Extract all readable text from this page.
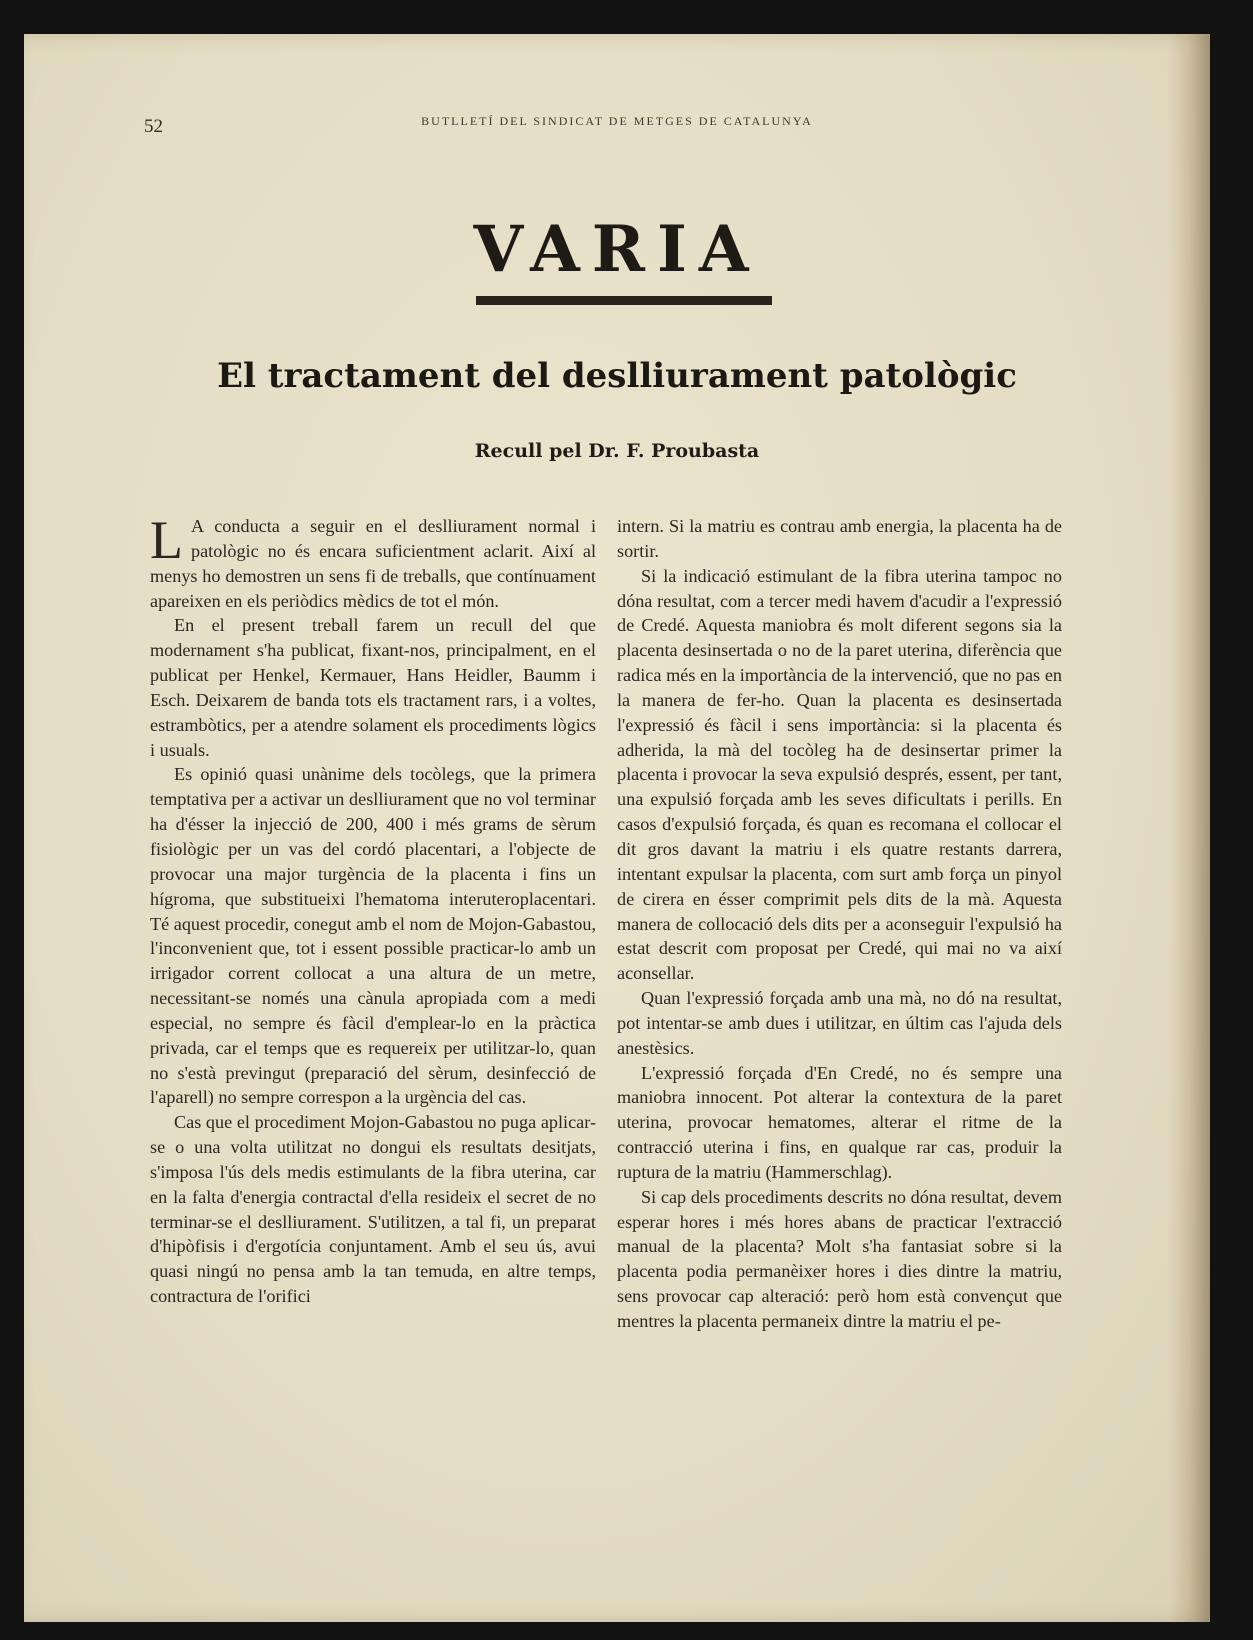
52	BUTLLETÍ DEL SINDICAT DE METGES DE CATALUNYA
VARIA
El tractament del deslliurament patològic
Recull pel Dr. F. Proubasta

L A conducta a seguir en el deslliurament normal i patològic no és encara suficientment aclarit. Així al menys ho demostren un sens fi de treballs, que contínuament apareixen en els periòdics mèdics de tot el món.

En el present treball farem un recull del que modernament s'ha publicat, fixant-nos, principalment, en el publicat per Henkel, Kermauer, Hans Heidler, Baumm i Esch. Deixarem de banda tots els tractament rars, i a voltes, estrambòtics, per a atendre solament els procediments lògics i usuals.

Es opinió quasi unànime dels tocòlegs, que la primera temptativa per a activar un deslliurament que no vol terminar ha d'ésser la injecció de 200, 400 i més grams de sèrum fisiològic per un vas del cordó placentari, a l'objecte de provocar una major turgència de la placenta i fins un hígroma, que substitueixi l'hematoma interuteroplacentari. Té aquest procedir, conegut amb el nom de Mojon-Gabastou, l'inconvenient que, tot i essent possible practicar-lo amb un irrigador corrent collocat a una altura de un metre, necessitant-se només una cànula apropiada com a medi especial, no sempre és fàcil d'emplear-lo en la pràctica privada, car el temps que es requereix per utilitzar-lo, quan no s'està previngut (preparació del sèrum, desinfecció de l'aparell) no sempre correspon a la urgència del cas.

Cas que el procediment Mojon-Gabastou no puga aplicar-se o una volta utilitzat no dongui els resultats desitjats, s'imposa l'ús dels medis estimulants de la fibra uterina, car en la falta d'energia contractal d'ella resideix el secret de no terminar-se el deslliurament. S'utilitzen, a tal fi, un preparat d'hipòfisis i d'ergotícia conjuntament. Amb el seu ús, avui quasi ningú no pensa amb la tan temuda, en altre temps, contractura de l'orifici

intern. Si la matriu es contrau amb energia, la placenta ha de sortir.

Si la indicació estimulant de la fibra uterina tampoc no dóna resultat, com a tercer medi havem d'acudir a l'expressió de Credé. Aquesta maniobra és molt diferent segons sia la placenta desinsertada o no de la paret uterina, diferència que radica més en la importància de la intervenció, que no pas en la manera de fer-ho. Quan la placenta es desinsertada l'expressió és fàcil i sens importància: si la placenta és adherida, la mà del tocòleg ha de desinsertar primer la placenta i provocar la seva expulsió després, essent, per tant, una expulsió forçada amb les seves dificultats i perills. En casos d'expulsió forçada, és quan es recomana el collocar el dit gros davant la matriu i els quatre restants darrera, intentant expulsar la placenta, com surt amb força un pinyol de cirera en ésser comprimit pels dits de la mà. Aquesta manera de collocació dels dits per a aconseguir l'expulsió ha estat descrit com proposat per Credé, qui mai no va així aconsellar.

Quan l'expressió forçada amb una mà, no dó na resultat, pot intentar-se amb dues i utilitzar, en últim cas l'ajuda dels anestèsics.

L'expressió forçada d'En Credé, no és sempre una maniobra innocent. Pot alterar la contextura de la paret uterina, provocar hematomes, alterar el ritme de la contracció uterina i fins, en qualque rar cas, produir la ruptura de la matriu (Hammerschlag).

Si cap dels procediments descrits no dóna resultat, devem esperar hores i més hores abans de practicar l'extracció manual de la placenta? Molt s'ha fantasiat sobre si la placenta podia permanèixer hores i dies dintre la matriu, sens provocar cap alteració: però hom està convençut que mentres la placenta permaneix dintre la matriu el pe-
